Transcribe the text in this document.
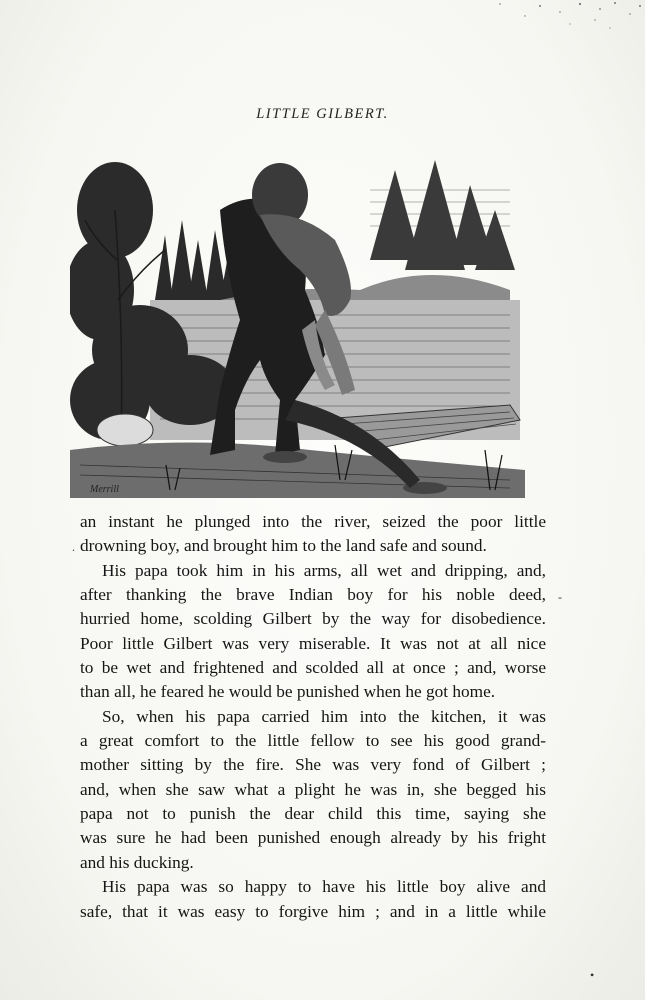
LITTLE GILBERT.
Merrill
an instant he plunged into the river, seized the poor little
drowning boy, and brought him to the land safe and sound.
His papa took him in his arms, all wet and dripping, and,
after thanking the brave Indian boy for his noble deed,
hurried home, scolding Gilbert by the way for disobedience.
Poor little Gilbert was very miserable. It was not at all nice
to be wet and frightened and scolded all at once ; and, worse
than all, he feared he would be punished when he got home.
So, when his papa carried him into the kitchen, it was
a great comfort to the little fellow to see his good grand-
mother sitting by the fire. She was very fond of Gilbert ;
and, when she saw what a plight he was in, she begged his
papa not to punish the dear child this time, saying she
was sure he had been punished enough already by his fright
and his ducking.
His papa was so happy to have his little boy alive and
safe, that it was easy to forgive him ; and in a little while
.
-
•
